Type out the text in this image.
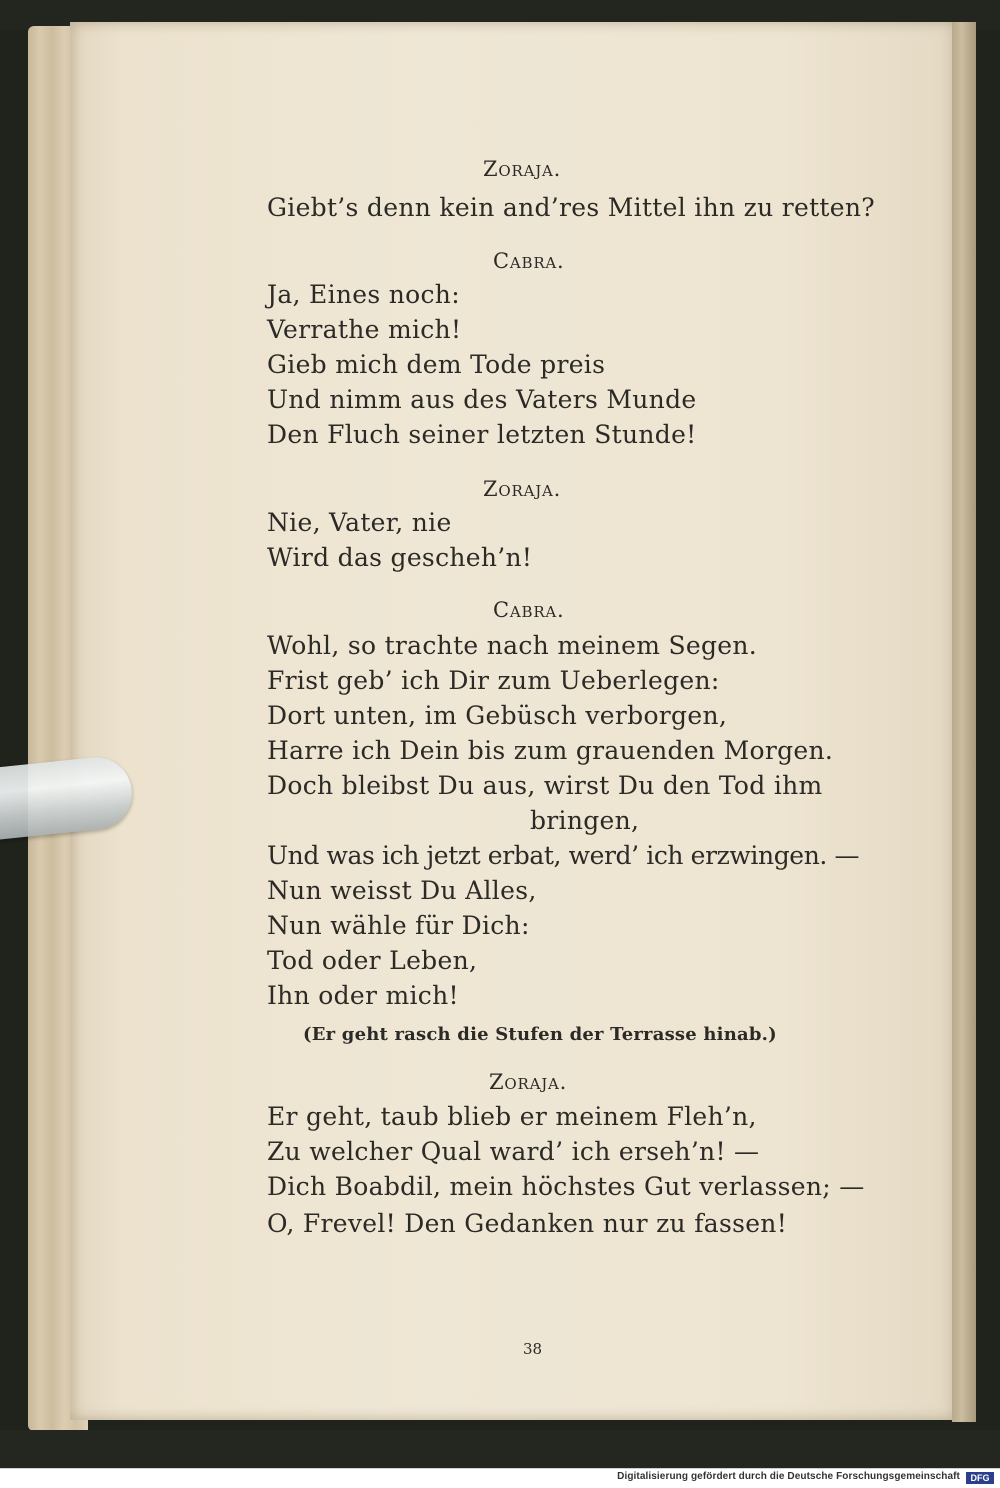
Zoraja.
Giebt’s denn kein and’res Mittel ihn zu retten?
Cabra.
Ja, Eines noch:
Verrathe mich!
Gieb mich dem Tode preis
Und nimm aus des Vaters Munde
Den Fluch seiner letzten Stunde!
Zoraja.
Nie, Vater, nie
Wird das gescheh’n!
Cabra.
Wohl, so trachte nach meinem Segen.
Frist geb’ ich Dir zum Ueberlegen:
Dort unten, im Gebüsch verborgen,
Harre ich Dein bis zum grauenden Morgen.
Doch bleibst Du aus, wirst Du den Tod ihm
bringen,
Und was ich jetzt erbat, werd’ ich erzwingen. —
Nun weisst Du Alles,
Nun wähle für Dich:
Tod oder Leben,
Ihn oder mich!
(Er geht rasch die Stufen der Terrasse hinab.)
Zoraja.
Er geht, taub blieb er meinem Fleh’n,
Zu welcher Qual ward’ ich erseh’n! —
Dich Boabdil, mein höchstes Gut verlassen; —
O, Frevel! Den Gedanken nur zu fassen!
38
Digitalisierung gefördert durch die Deutsche Forschungsgemeinschaft	DFG
